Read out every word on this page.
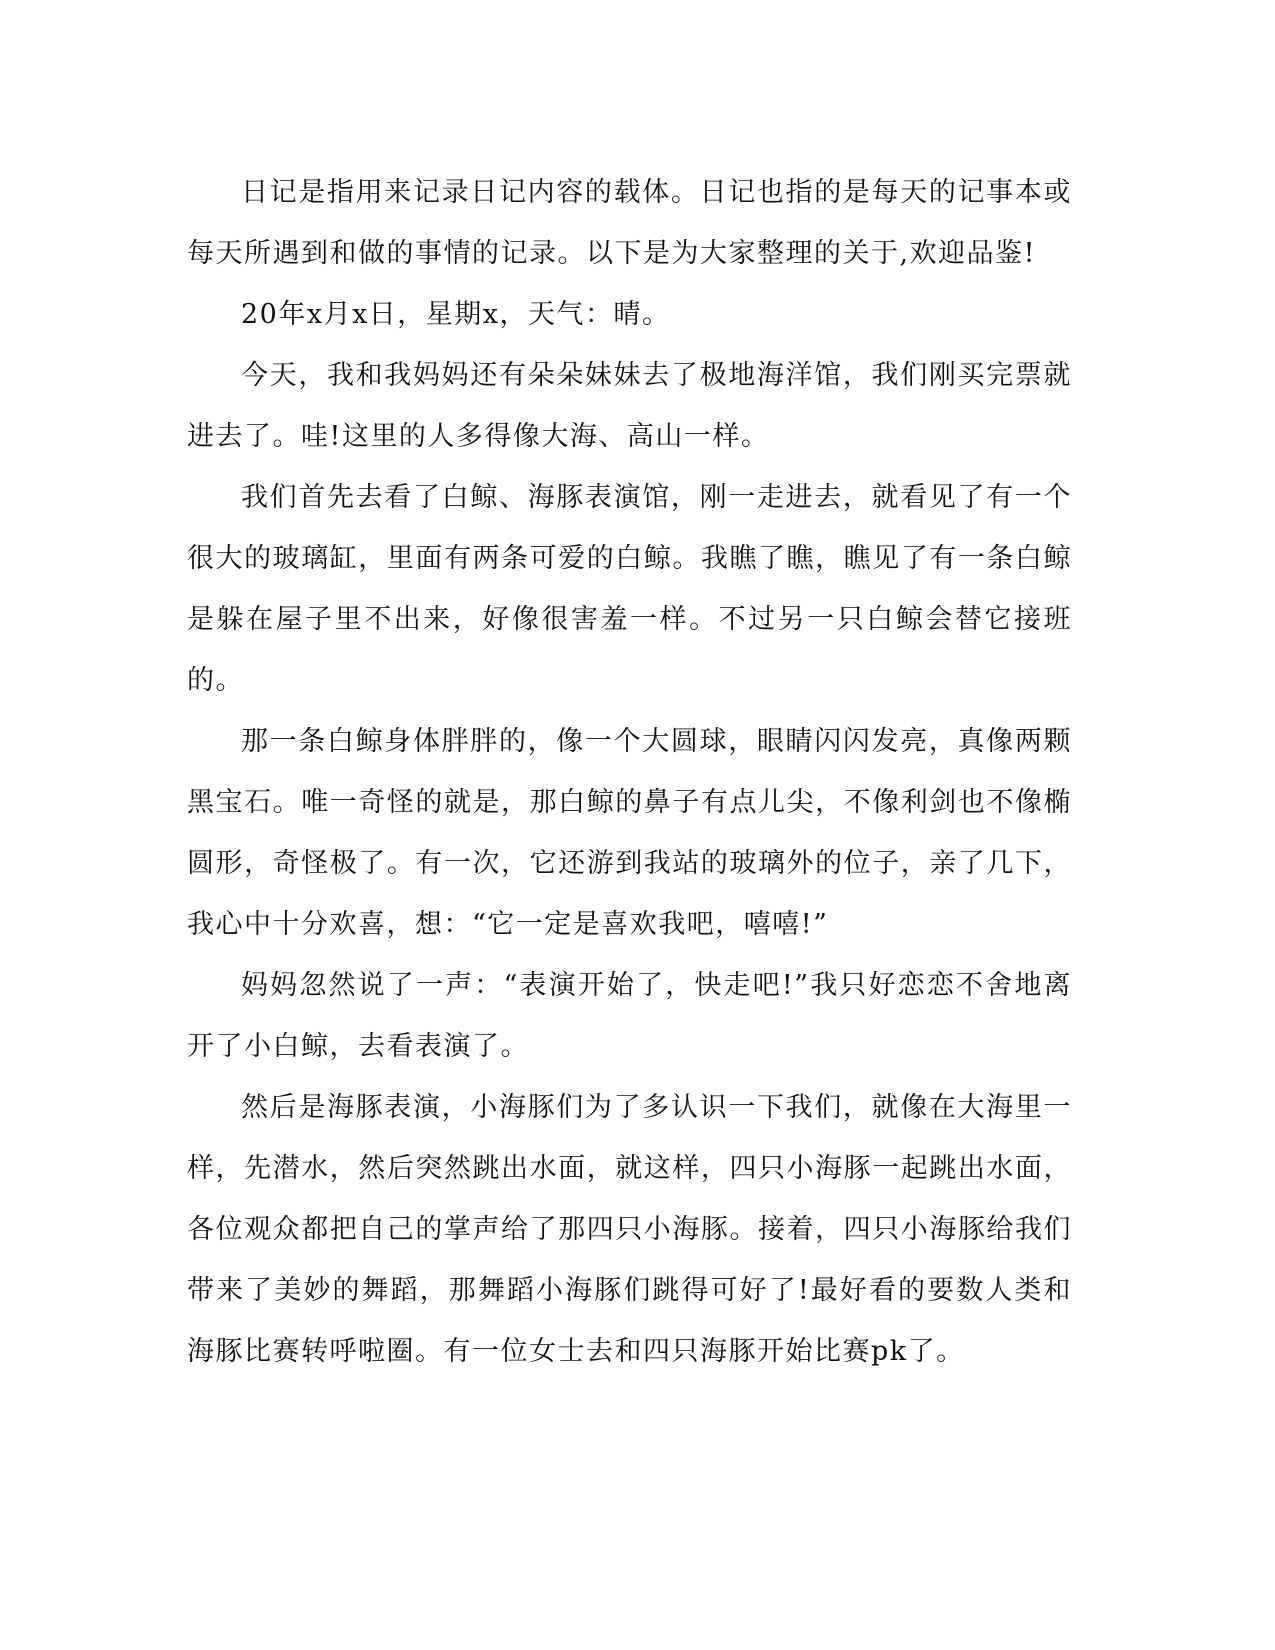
日记是指用来记录日记内容的载体。日记也指的是每天的记事本或每天所遇到和做的事情的记录。以下是为大家整理的关于,欢迎品鉴!

20年x月x日，星期x，天气：晴。

今天，我和我妈妈还有朵朵妹妹去了极地海洋馆，我们刚买完票就进去了。哇!这里的人多得像大海、高山一样。

我们首先去看了白鲸、海豚表演馆，刚一走进去，就看见了有一个很大的玻璃缸，里面有两条可爱的白鲸。我瞧了瞧，瞧见了有一条白鲸是躲在屋子里不出来，好像很害羞一样。不过另一只白鲸会替它接班的。

那一条白鲸身体胖胖的，像一个大圆球，眼睛闪闪发亮，真像两颗黑宝石。唯一奇怪的就是，那白鲸的鼻子有点儿尖，不像利剑也不像椭圆形，奇怪极了。有一次，它还游到我站的玻璃外的位子，亲了几下，我心中十分欢喜，想：“它一定是喜欢我吧，嘻嘻!”

妈妈忽然说了一声：“表演开始了，快走吧!”我只好恋恋不舍地离开了小白鲸，去看表演了。

然后是海豚表演，小海豚们为了多认识一下我们，就像在大海里一样，先潜水，然后突然跳出水面，就这样，四只小海豚一起跳出水面，各位观众都把自己的掌声给了那四只小海豚。接着，四只小海豚给我们带来了美妙的舞蹈，那舞蹈小海豚们跳得可好了!最好看的要数人类和海豚比赛转呼啦圈。有一位女士去和四只海豚开始比赛pk了。
